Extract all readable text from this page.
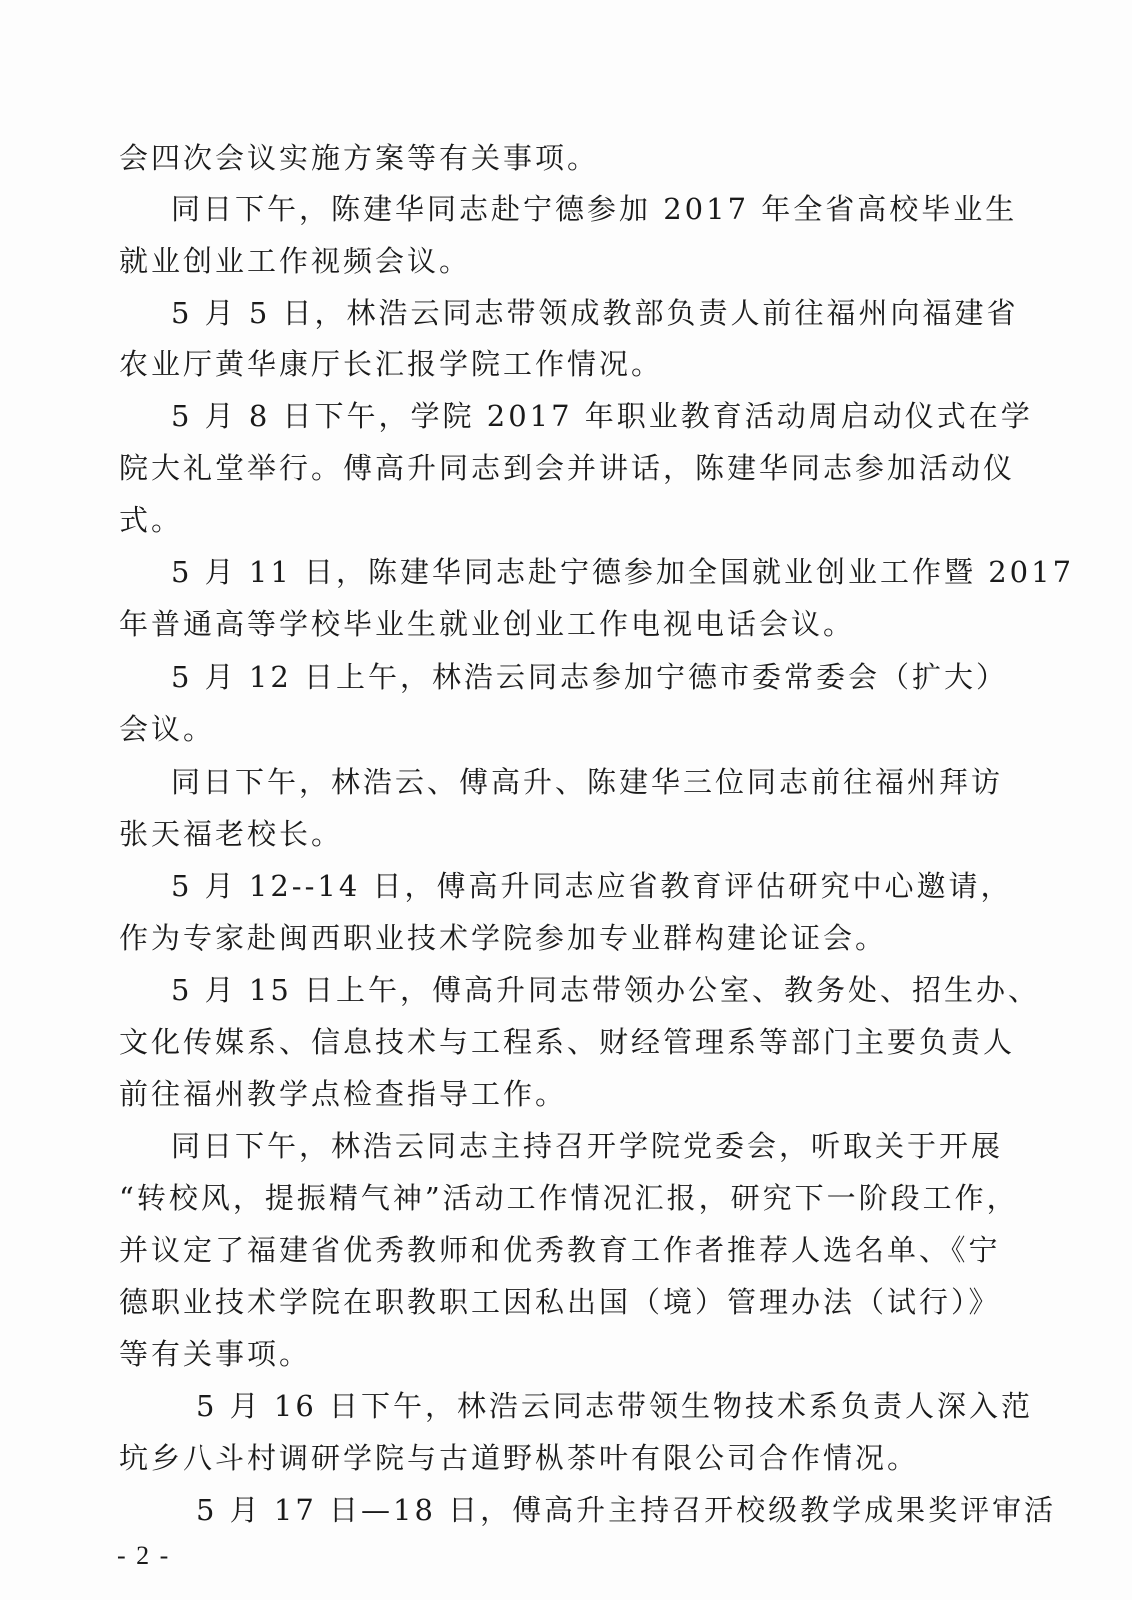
会四次会议实施方案等有关事项。
同日下午，陈建华同志赴宁德参加 2017 年全省高校毕业生
就业创业工作视频会议。
5 月 5 日，林浩云同志带领成教部负责人前往福州向福建省
农业厅黄华康厅长汇报学院工作情况。
5 月 8 日下午，学院 2017 年职业教育活动周启动仪式在学
院大礼堂举行。傅高升同志到会并讲话，陈建华同志参加活动仪
式。
5 月 11 日，陈建华同志赴宁德参加全国就业创业工作暨 2017
年普通高等学校毕业生就业创业工作电视电话会议。
5 月 12 日上午，林浩云同志参加宁德市委常委会（扩大）
会议。
同日下午，林浩云、傅高升、陈建华三位同志前往福州拜访
张天福老校长。
5 月 12--14 日，傅高升同志应省教育评估研究中心邀请，
作为专家赴闽西职业技术学院参加专业群构建论证会。
5 月 15 日上午，傅高升同志带领办公室、教务处、招生办、
文化传媒系、信息技术与工程系、财经管理系等部门主要负责人
前往福州教学点检查指导工作。
同日下午，林浩云同志主持召开学院党委会，听取关于开展
“转校风，提振精气神”活动工作情况汇报，研究下一阶段工作，
并议定了福建省优秀教师和优秀教育工作者推荐人选名单、《宁
德职业技术学院在职教职工因私出国（境）管理办法（试行）》
等有关事项。
5 月 16 日下午，林浩云同志带领生物技术系负责人深入范
坑乡八斗村调研学院与古道野枞茶叶有限公司合作情况。
5 月 17 日—18 日，傅高升主持召开校级教学成果奖评审活
- 2 -
